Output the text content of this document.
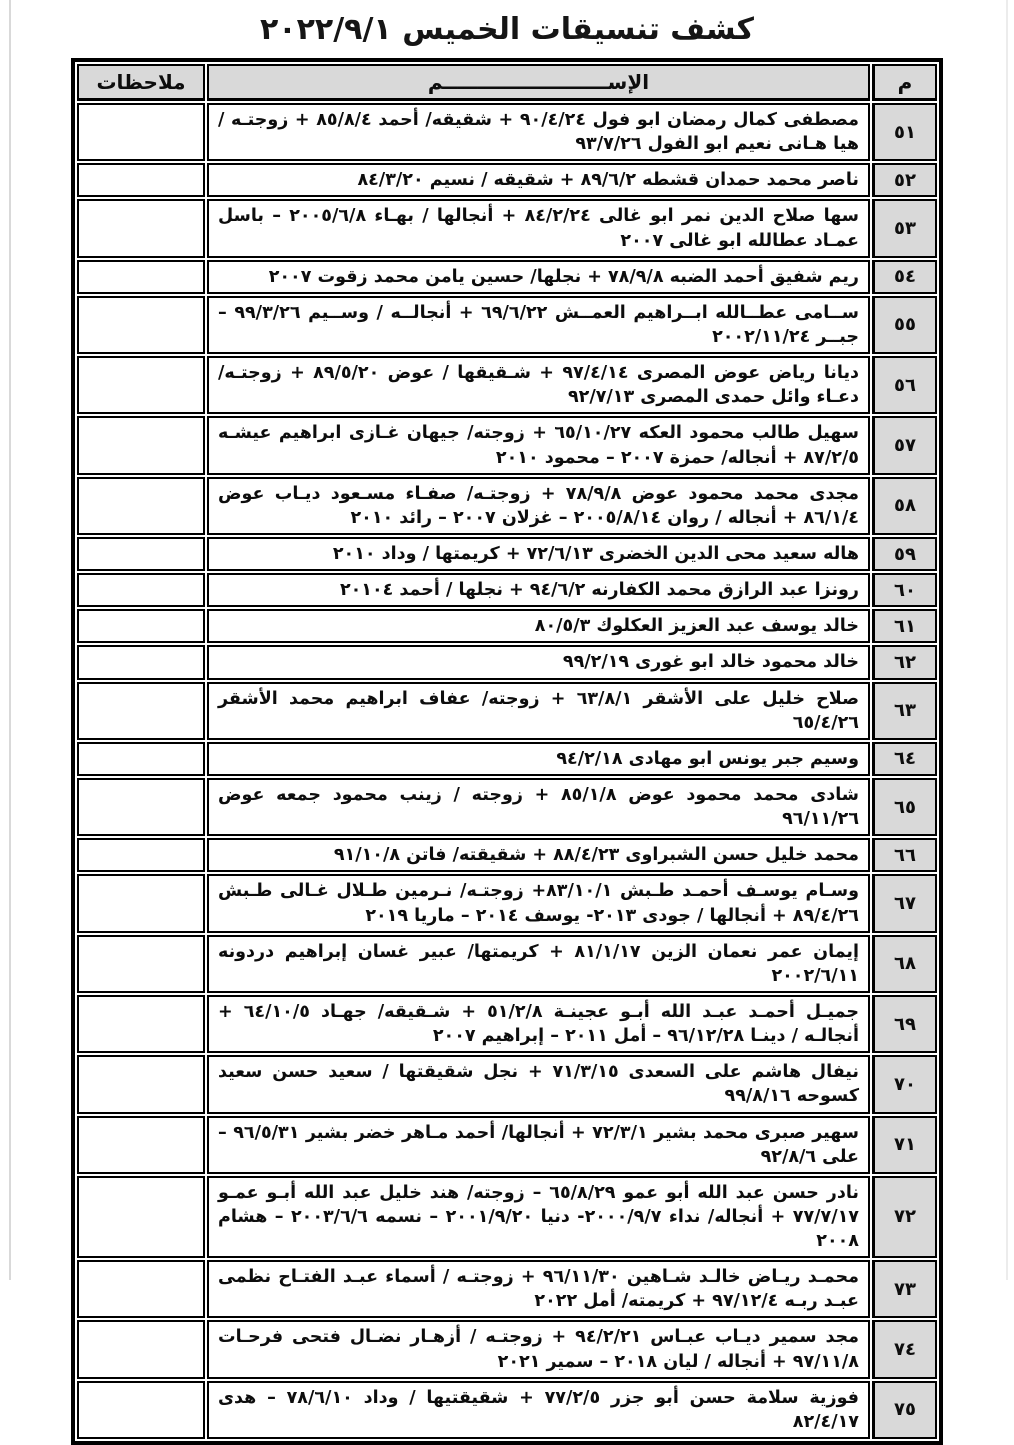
كشف تنسيقات الخميس ٢٠٢٢/٩/١
م	الإســــــــــــــــــــــــم	ملاحظات
٥١	مصطفى كمال رمضان ابو فول ٩٠/٤/٢٤ + شقيقه/ أحمد ٨٥/٨/٤ + زوجتـه / هيا هـانى نعيم ابو الفول ٩٣/٧/٢٦	
٥٢	ناصر محمد حمدان قشطه ٨٩/٦/٢ + شقيقه / نسيم ٨٤/٣/٢٠	
٥٣	سها صلاح الدين نمر ابو غالى ٨٤/٢/٢٤ + أنجالها / بهـاء ٢٠٠٥/٦/٨ – باسل عمـاد عطالله ابو غالى ٢٠٠٧	
٥٤	ريم شفيق أحمد الضبه ٧٨/٩/٨ + نجلها/ حسين يامن محمد زقوت ٢٠٠٧	
٥٥	ســامى عطــالله ابــراهيم العمــش ٦٩/٦/٢٢ + أنجالــه / وســيم ٩٩/٣/٢٦ – جبــر ٢٠٠٢/١١/٢٤	
٥٦	ديانا رياض عوض المصرى ٩٧/٤/١٤ + شـقيقها / عوض ٨٩/٥/٢٠ + زوجتـه/ دعـاء وائل حمدى المصرى ٩٢/٧/١٣	
٥٧	سهيل طالب محمود العكه ٦٥/١٠/٢٧ + زوجته/ جيهان غـازى ابراهيم عيشـه ٨٧/٢/٥ + أنجاله/ حمزة ٢٠٠٧ – محمود ٢٠١٠	
٥٨	مجدى محمد محمود عوض ٧٨/٩/٨ + زوجتـه/ صفـاء مسـعود ديـاب عوض ٨٦/١/٤ + أنجاله / روان ٢٠٠٥/٨/١٤ – غزلان ٢٠٠٧ – رائد ٢٠١٠	
٥٩	هاله سعيد محى الدين الخضرى ٧٢/٦/١٣ + كريمتها / وداد ٢٠١٠	
٦٠	رونزا عبد الرازق محمد الكفارنه ٩٤/٦/٢ + نجلها / أحمد ٢٠١٠٤	
٦١	خالد يوسف عبد العزيز العكلوك ٨٠/٥/٣	
٦٢	خالد محمود خالد ابو غورى ٩٩/٢/١٩	
٦٣	صلاح خليل على الأشقر ٦٣/٨/١ + زوجته/ عفاف ابراهيم محمد الأشقر ٦٥/٤/٢٦	
٦٤	وسيم جبر يونس ابو مهادى ٩٤/٢/١٨	
٦٥	شادى محمد محمود عوض ٨٥/١/٨ + زوجته / زينب محمود جمعه عوض ٩٦/١١/٢٦	
٦٦	محمد خليل حسن الشبراوى ٨٨/٤/٢٣ + شقيقته/ فاتن ٩١/١٠/٨	
٦٧	وسـام يوسـف أحمـد طـبش ٨٣/١٠/١+ زوجتـه/ نـرمين طـلال غـالى طـبش ٨٩/٤/٢٦ + أنجالها / جودى ٢٠١٣- يوسف ٢٠١٤ – ماريا ٢٠١٩	
٦٨	إيمان عمر نعمان الزين ٨١/١/١٧ + كريمتها/ عبير غسان إبراهيم دردونه ٢٠٠٢/٦/١١	
٦٩	جميـل أحمـد عبـد الله أبـو عجينـة ٥١/٢/٨ + شـقيقه/ جهـاد ٦٤/١٠/٥ + أنجالـه / دينـا ٩٦/١٢/٢٨ – أمل ٢٠١١ – إبراهيم ٢٠٠٧	
٧٠	نيفال هاشم على السعدى ٧١/٣/١٥ + نجل شقيقتها / سعيد حسن سعيد كسوحه ٩٩/٨/١٦	
٧١	سهير صبرى محمد بشير ٧٢/٣/١ + أنجالها/ أحمد مـاهر خضر بشير ٩٦/٥/٣١ – على ٩٢/٨/٦	
٧٢	نادر حسن عبد الله أبو عمو ٦٥/٨/٢٩ – زوجته/ هند خليل عبد الله أبـو عمـو ٧٧/٧/١٧ + أنجاله/ نداء ٢٠٠٠/٩/٧- دنيا ٢٠٠١/٩/٢٠ – نسمه ٢٠٠٣/٦/٦ – هشام ٢٠٠٨	
٧٣	محمـد ريـاض خالـد شـاهين ٩٦/١١/٣٠ + زوجتـه / أسماء عبـد الفتـاح نظمى عبـد ربـه ٩٧/١٢/٤ + كريمته/ أمل ٢٠٢٢	
٧٤	مجد سمير ديـاب عبـاس ٩٤/٢/٢١ + زوجتـه / أزهـار نضـال فتحى فرحـات ٩٧/١١/٨ + أنجاله / ليان ٢٠١٨ – سمير ٢٠٢١	
٧٥	فوزية سلامة حسن أبو جزر ٧٧/٢/٥ + شقيقتيها / وداد ٧٨/٦/١٠ – هدى ٨٢/٤/١٧	
